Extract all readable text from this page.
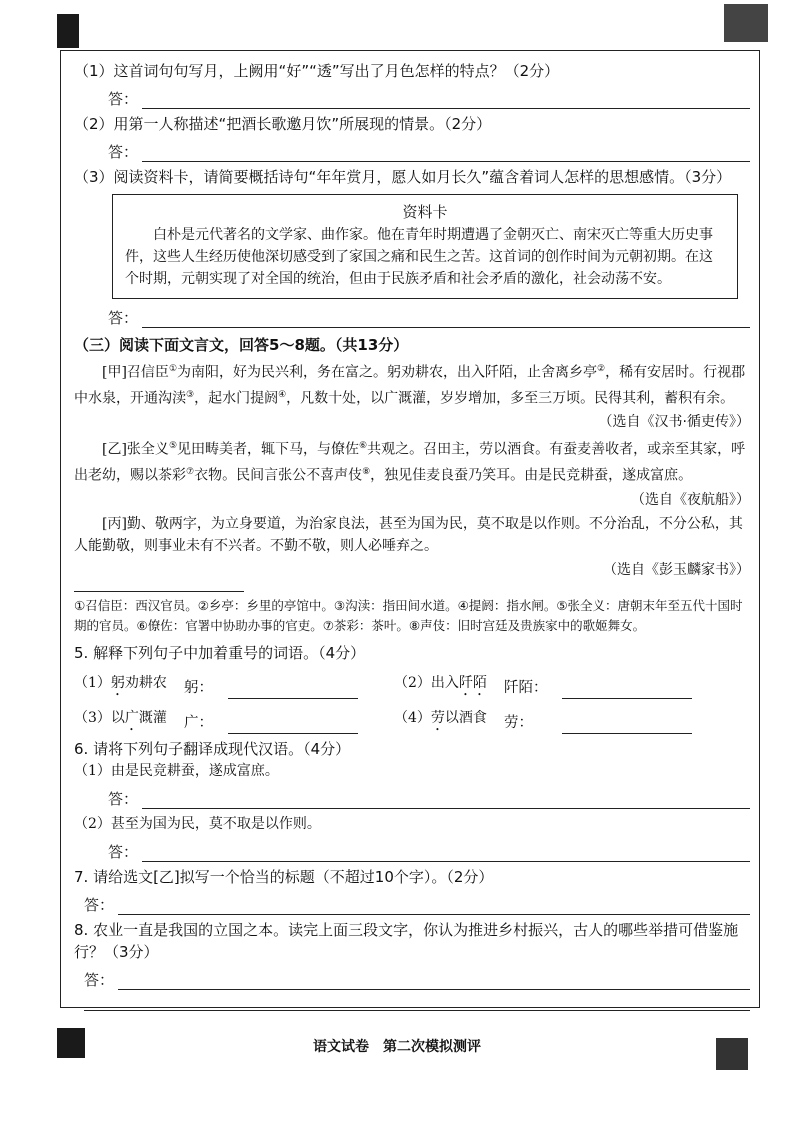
（1）这首词句句写月，上阙用“好”“透”写出了月色怎样的特点？（2分）
答：
（2）用第一人称描述“把酒长歌邀月饮”所展现的情景。（2分）
答：
（3）阅读资料卡，请简要概括诗句“年年赏月，愿人如月长久”蕴含着词人怎样的思想感情。（3分）
资料卡
白朴是元代著名的文学家、曲作家。他在青年时期遭遇了金朝灭亡、南宋灭亡等重大历史事件，这些人生经历使他深切感受到了家国之痛和民生之苦。这首词的创作时间为元朝初期。在这个时期，元朝实现了对全国的统治，但由于民族矛盾和社会矛盾的激化，社会动荡不安。
答：
（三）阅读下面文言文，回答5～8题。（共13分）
[甲]召信臣①为南阳，好为民兴利，务在富之。躬劝耕农，出入阡陌，止舍离乡亭②，稀有安居时。行视郡中水泉，开通沟渎③，起水门提阏④，凡数十处，以广溉灌，岁岁增加，多至三万顷。民得其利，蓄积有余。
（选自《汉书·循吏传》）
[乙]张全义⑤见田畴美者，辄下马，与僚佐⑥共观之。召田主，劳以酒食。有蚕麦善收者，或亲至其家，呼出老幼，赐以茶彩⑦衣物。民间言张公不喜声伎⑧，独见佳麦良蚕乃笑耳。由是民竞耕蚕，遂成富庶。
（选自《夜航船》）
[丙]勤、敬两字，为立身要道，为治家良法，甚至为国为民，莫不取是以作则。不分治乱，不分公私，其人能勤敬，则事业未有不兴者。不勤不敬，则人必唾弃之。
（选自《彭玉麟家书》）
①召信臣：西汉官员。②乡亭：乡里的亭馆中。③沟渎：指田间水道。④提阏：指水闸。⑤张全义：唐朝末年至五代十国时期的官员。⑥僚佐：官署中协助办事的官吏。⑦茶彩：茶叶。⑧声伎：旧时宫廷及贵族家中的歌姬舞女。
5. 解释下列句子中加着重号的词语。（4分）
（1）躬劝耕农	躬：	（2）出入阡陌	阡陌：
（3）以广溉灌	广：	（4）劳以酒食	劳：
6. 请将下列句子翻译成现代汉语。（4分）
（1）由是民竞耕蚕，遂成富庶。
答：
（2）甚至为国为民，莫不取是以作则。
答：
7. 请给选文[乙]拟写一个恰当的标题（不超过10个字）。（2分）
答：
8. 农业一直是我国的立国之本。读完上面三段文字，你认为推进乡村振兴，古人的哪些举措可借鉴施行？（3分）
答：
语文试卷　第二次模拟测评
